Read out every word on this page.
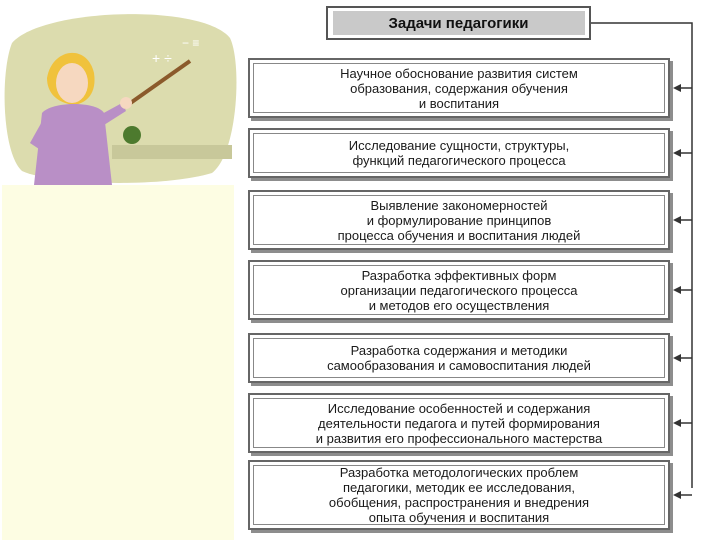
+ ÷
− ≡
Задачи педагогики
Научное обоснование развития систем
образования, содержания обучения
и воспитания
Исследование сущности, структуры,
функций педагогического процесса
Выявление закономерностей
и формулирование принципов
процесса обучения и воспитания людей
Разработка эффективных форм
организации педагогического процесса
и методов его осуществления
Разработка содержания и методики
самообразования и самовоспитания людей
Исследование особенностей и содержания
деятельности педагога и путей формирования
и развития его профессионального мастерства
Разработка методологических проблем
педагогики, методик ее исследования,
обобщения, распространения и внедрения
опыта обучения и воспитания
